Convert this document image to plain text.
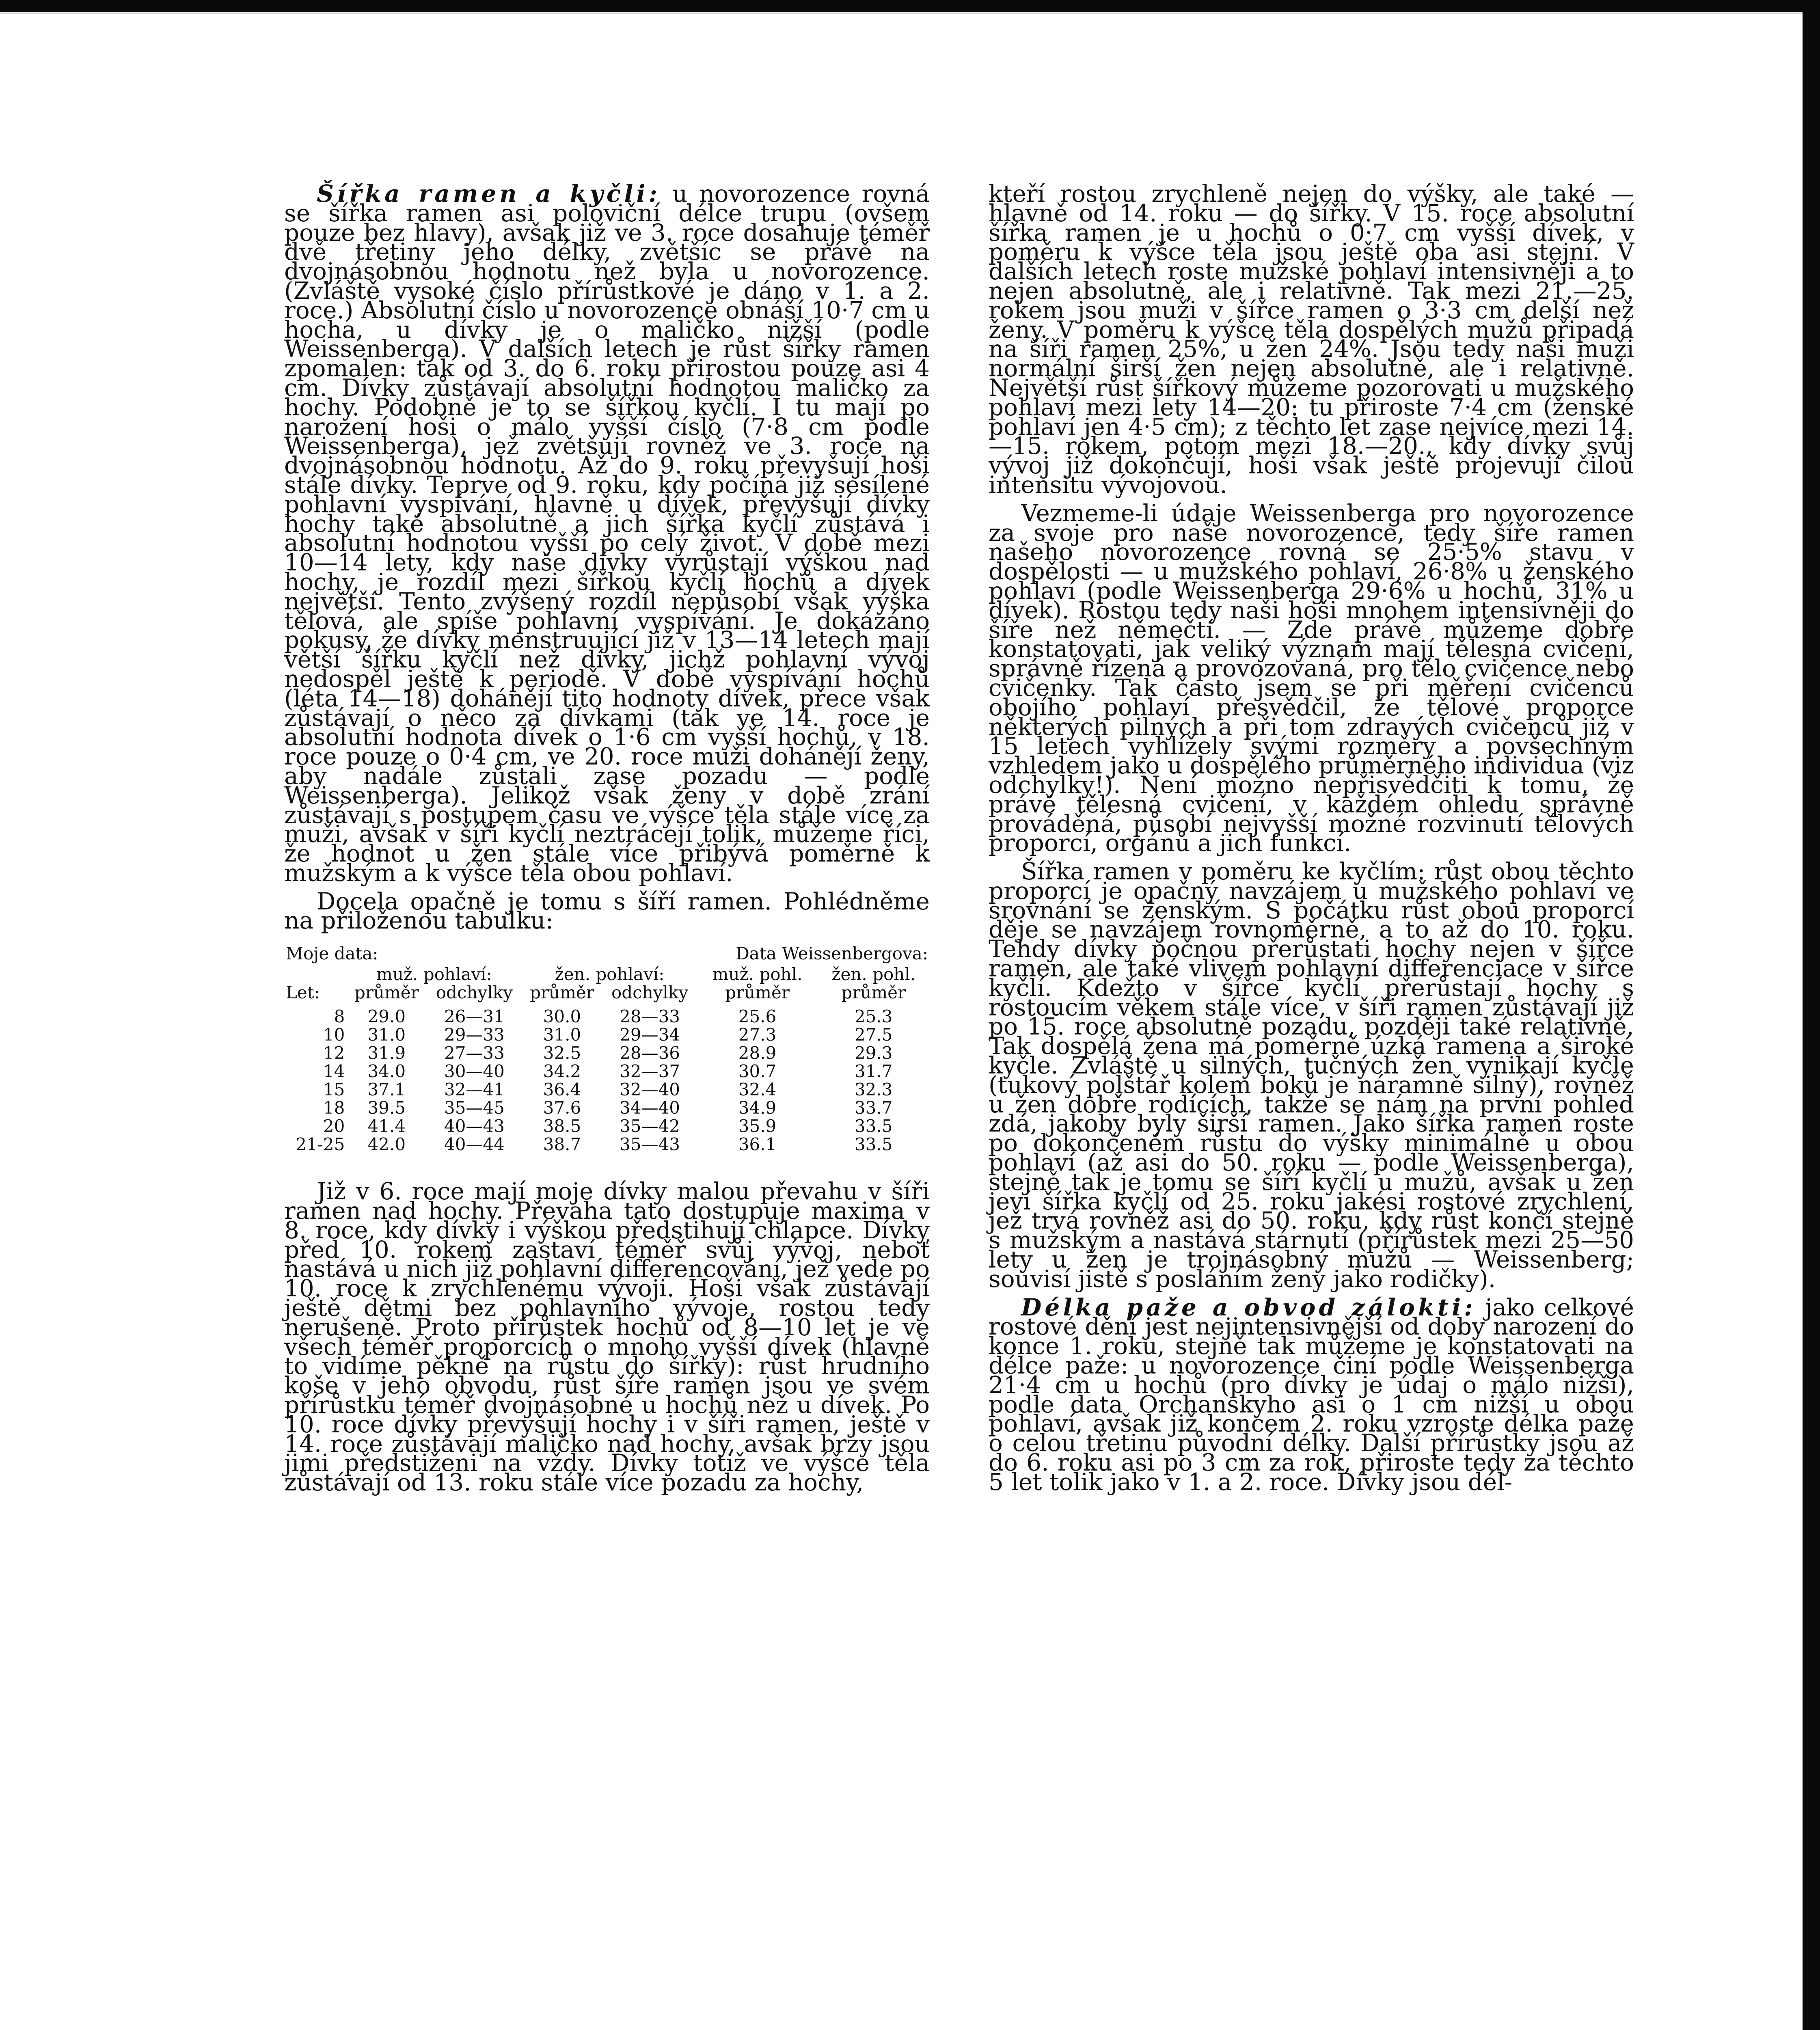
Šířka ramen a kyčli: u novorozence rovná se šířka ramen asi poloviční délce trupu (ovšem pouze bez hlavy), avšak již ve 3. roce dosahuje téměř dvě třetiny jeho délky, zvětšíc se právě na dvojnásobnou hodnotu než byla u novorozence. (Zvláště vysoké číslo přírůstkové je dáno v 1. a 2. roce.) Absolutní číslo u novorozence obnáší 10·7 cm u hocha, u dívky je o maličko nižší (podle Weissenberga). V dalších letech je růst šířky ramen zpomalen: tak od 3. do 6. roku přirostou pouze asi 4 cm. Dívky zůstávají absolutní hodnotou maličko za hochy. Podobně je to se šířkou kyčlí. I tu mají po narození hoši o málo vyšší číslo (7·8 cm podle Weissenberga), jež zvětšují rovněž ve 3. roce na dvojnásobnou hodnotu. Až do 9. roku převyšují hoši stále dívky. Teprve od 9. roku, kdy počíná již sesílené pohlavní vyspívání, hlavně u dívek, převyšují dívky hochy také absolutně a jich šířka kyčlí zůstává i absolutní hodnotou vyšší po celý život. V době mezi 10—14 lety, kdy naše dívky vyrůstají výškou nad hochy, je rozdíl mezi šířkou kyčlí hochů a dívek největší. Tento zvýšený rozdíl nepůsobí však výška tělová, ale spíše pohlavní vyspívání. Je dokázáno pokusy, že dívky menstruující již v 13—14 letech mají větší šířku kyčlí než dívky, jichž pohlavní vývoj nedospěl ještě k periodě. V době vyspívání hochů (léta 14—18) dohánějí tito hodnoty dívek, přece však zůstávají o něco za dívkami (tak ve 14. roce je absolutní hodnota dívek o 1·6 cm vyšší hochů, v 18. roce pouze o 0·4 cm, ve 20. roce muži dohánějí ženy, aby nadále zůstali zase pozadu — podle Weissenberga). Jelikož však ženy v době zrání zůstávají s postupem času ve výšce těla stále více za muži, avšak v šíři kyčlí neztrácejí tolik, můžeme říci, že hodnot u žen stále více přibývá poměrně k mužským a k výšce těla obou pohlaví.

Docela opačně je tomu s šíří ramen. Pohlédněme na přiloženou tabulku:

Moje data:					Data Weissenbergova:	
	muž. pohlaví:		žen. pohlaví:		muž. pohl.	žen. pohl.
Let:	průměr	odchylky	průměr	odchylky	průměr	průměr
8	29.0	26—31	30.0	28—33	25.6	25.3
10	31.0	29—33	31.0	29—34	27.3	27.5
12	31.9	27—33	32.5	28—36	28.9	29.3
14	34.0	30—40	34.2	32—37	30.7	31.7
15	37.1	32—41	36.4	32—40	32.4	32.3
18	39.5	35—45	37.6	34—40	34.9	33.7
20	41.4	40—43	38.5	35—42	35.9	33.5
21-25	42.0	40—44	38.7	35—43	36.1	33.5

Již v 6. roce mají moje dívky malou převahu v šíři ramen nad hochy. Převaha tato dostupuje maxima v 8. roce, kdy dívky i výškou předstihují chlapce. Dívky před 10. rokem zastaví téměř svůj vývoj, neboť nastává u nich již pohlavní differencování, jež vede po 10. roce k zrychlenému vývoji. Hoši však zůstávají ještě dětmi bez pohlavního vývoje, rostou tedy nerušeně. Proto přírůstek hochů od 8—10 let je ve všech téměř proporcích o mnoho vyšší dívek (hlavně to vidíme pěkně na růstu do šířky): růst hrudního koše v jeho obvodu, růst šíře ramen jsou ve svém přírůstku téměř dvojnásobné u hochů než u dívek. Po 10. roce dívky převyšují hochy i v šíři ramen, ještě v 14. roce zůstávají maličko nad hochy, avšak brzy jsou jimi předstiženi na vždy. Dívky totiž ve výšce těla zůstávají od 13. roku stále více pozadu za hochy,

kteří rostou zrychleně nejen do výšky, ale také — hlavně od 14. roku — do šířky. V 15. roce absolutní šířka ramen je u hochů o 0·7 cm vyšší dívek, v poměru k výšce těla jsou ještě oba asi stejní. V dalších letech roste mužské pohlaví intensivněji a to nejen absolutně, ale i relativně. Tak mezi 21.—25. rokem jsou muži v šířce ramen o 3·3 cm delší než ženy. V poměru k výšce těla dospělých mužů připadá na šíři ramen 25%, u žen 24%. Jsou tedy naši muži normální širší žen nejen absolutně, ale i relativně. Největší růst šířkový můžeme pozorovati u mužského pohlaví mezi lety 14—20: tu přiroste 7·4 cm (ženské pohlaví jen 4·5 cm); z těchto let zase nejvíce mezi 14.—15. rokem, potom mezi 18.—20., kdy dívky svůj vývoj již dokončují, hoši však ještě projevují čilou intensitu vývojovou.

Vezmeme-li údaje Weissenberga pro novorozence za svoje pro naše novorozence, tedy šíře ramen našeho novorozence rovná se 25·5% stavu v dospělosti — u mužského pohlaví, 26·8% u ženského pohlaví (podle Weissenberga 29·6% u hochů, 31% u dívek). Rostou tedy naši hoši mnohem intensivněji do šíře než němečtí. — Zde právě můžeme dobře konstatovati, jak veliký význam mají tělesná cvičení, správně řízená a provozovaná, pro tělo cvičence nebo cvičenky. Tak často jsem se při měření cvičenců obojího pohlaví přesvědčil, že tělové proporce některých pilných a při tom zdravých cvičenců již v 15 letech vyhlížely svými rozměry a povšechným vzhledem jako u dospělého průměrného individua (viz odchylky!). Není možno nepřisvědčiti k tomu, že právě tělesná cvičení, v každém ohledu správně prováděná, působí nejvyšší možné rozvinutí tělových proporcí, orgánů a jich funkcí.

Šířka ramen v poměru ke kyčlím: růst obou těchto proporcí je opačný navzájem u mužského pohlaví ve srovnání se ženským. S počátku růst obou proporcí děje se navzájem rovnoměrně, a to až do 10. roku. Tehdy dívky počnou přerůstati hochy nejen v šířce ramen, ale také vlivem pohlavní differenciace v šířce kyčlí. Kdežto v šířce kyčlí přerůstají hochy s rostoucím věkem stále více, v šíři ramen zůstávají již po 15. roce absolutně pozadu, později také relativně. Tak dospělá žena má poměrně úzká ramena a široké kyčle. Zvláště u silných, tučných žen vynikají kyčle (tukový polštář kolem boků je náramně silný), rovněž u žen dobře rodících, takže se nám na první pohled zdá, jakoby byly širší ramen. Jako šířka ramen roste po dokončeném růstu do výšky minimálně u obou pohlaví (až asi do 50. roku — podle Weissenberga), stejně tak je tomu se šíří kyčlí u mužů, avšak u žen jeví šířka kyčlí od 25. roku jakési rostové zrychlení, jež trvá rovněž asi do 50. roku, kdy růst končí stejně s mužským a nastává stárnutí (přírůstek mezi 25—50 lety u žen je trojnásobný mužů — Weissenberg; souvisí jistě s posláním ženy jako rodičky).

Délka paže a obvod zálokti: jako celkové rostové dění jest nejintensivnější od doby narození do konce 1. roku, stejně tak můžeme je konstatovati na délce paže: u novorozence činí podle Weissenberga 21·4 cm u hochů (pro dívky je údaj o málo nižší), podle data Orchanskyho asi o 1 cm nižší u obou pohlaví, avšak již koncem 2. roku vzroste délka paže o celou třetinu původní délky. Další přírůstky jsou až do 6. roku asi po 3 cm za rok, přiroste tedy za těchto 5 let tolik jako v 1. a 2. roce. Dívky jsou dél-
